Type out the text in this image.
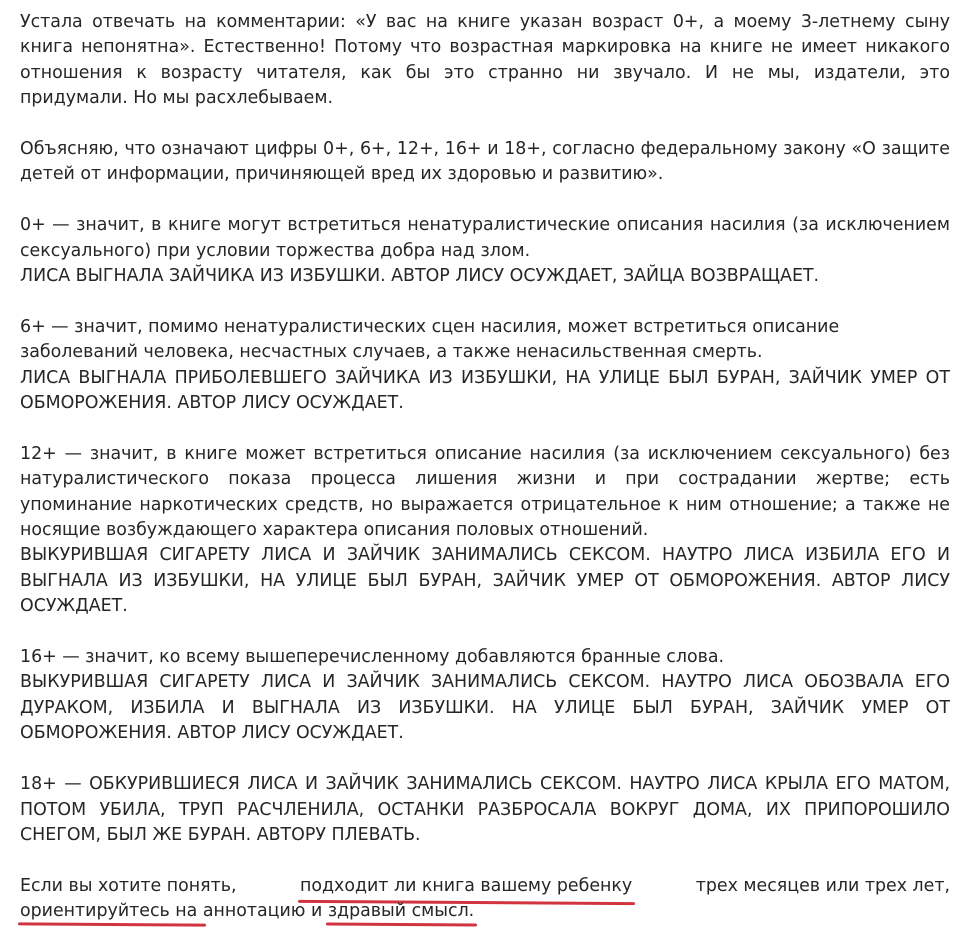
Устала отвечать на комментарии: «У вас на книге указан возраст 0+, а моему 3-летнему сыну
книга непонятна». Естественно! Потому что возрастная маркировка на книге не имеет никакого
отношения к возрасту читателя, как бы это странно ни звучало. И не мы, издатели, это
придумали. Но мы расхлебываем.

Объясняю, что означают цифры 0+, 6+, 12+, 16+ и 18+, согласно федеральному закону «О защите
детей от информации, причиняющей вред их здоровью и развитию».

0+ — значит, в книге могут встретиться ненатуралистические описания насилия (за исключением
сексуального) при условии торжества добра над злом.
ЛИСА ВЫГНАЛА ЗАЙЧИКА ИЗ ИЗБУШКИ. АВТОР ЛИСУ ОСУЖДАЕТ, ЗАЙЦА ВОЗВРАЩАЕТ.

6+ — значит, помимо ненатуралистических сцен насилия, может встретиться описание
заболеваний человека, несчастных случаев, а также ненасильственная смерть.
ЛИСА ВЫГНАЛА ПРИБОЛЕВШЕГО ЗАЙЧИКА ИЗ ИЗБУШКИ, НА УЛИЦЕ БЫЛ БУРАН, ЗАЙЧИК УМЕР ОТ
ОБМОРОЖЕНИЯ. АВТОР ЛИСУ ОСУЖДАЕТ.

12+ — значит, в книге может встретиться описание насилия (за исключением сексуального) без
натуралистического показа процесса лишения жизни и при сострадании жертве; есть
упоминание наркотических средств, но выражается отрицательное к ним отношение; а также не
носящие возбуждающего характера описания половых отношений.
ВЫКУРИВШАЯ СИГАРЕТУ ЛИСА И ЗАЙЧИК ЗАНИМАЛИСЬ СЕКСОМ. НАУТРО ЛИСА ИЗБИЛА ЕГО И
ВЫГНАЛА ИЗ ИЗБУШКИ, НА УЛИЦЕ БЫЛ БУРАН, ЗАЙЧИК УМЕР ОТ ОБМОРОЖЕНИЯ. АВТОР ЛИСУ
ОСУЖДАЕТ.

16+ — значит, ко всему вышеперечисленному добавляются бранные слова.
ВЫКУРИВШАЯ СИГАРЕТУ ЛИСА И ЗАЙЧИК ЗАНИМАЛИСЬ СЕКСОМ. НАУТРО ЛИСА ОБОЗВАЛА ЕГО
ДУРАКОМ, ИЗБИЛА И ВЫГНАЛА ИЗ ИЗБУШКИ. НА УЛИЦЕ БЫЛ БУРАН, ЗАЙЧИК УМЕР ОТ
ОБМОРОЖЕНИЯ. АВТОР ЛИСУ ОСУЖДАЕТ.

18+ — ОБКУРИВШИЕСЯ ЛИСА И ЗАЙЧИК ЗАНИМАЛИСЬ СЕКСОМ. НАУТРО ЛИСА КРЫЛА ЕГО МАТОМ,
ПОТОМ УБИЛА, ТРУП РАСЧЛЕНИЛА, ОСТАНКИ РАЗБРОСАЛА ВОКРУГ ДОМА, ИХ ПРИПОРОШИЛО
СНЕГОМ, БЫЛ ЖЕ БУРАН. АВТОРУ ПЛЕВАТЬ.

Если вы хотите понять,	подходит ли книга вашему ребенку	трех месяцев или трех лет,
ориентируйтесь на аннотацию и здравый смысл.
